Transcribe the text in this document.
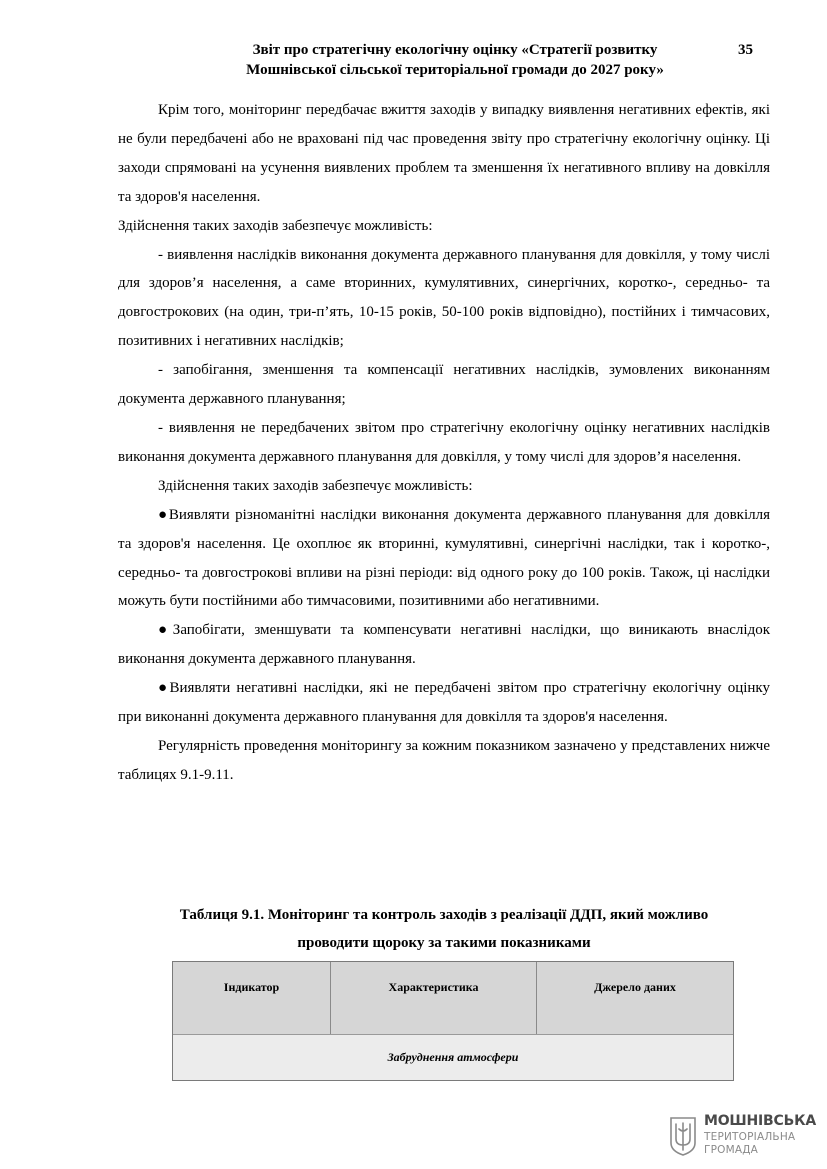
Звіт про стратегічну екологічну оцінку «Стратегії розвитку
Мошнівської сільської територіальної громади до 2027 року»
35

Крім того, моніторинг передбачає вжиття заходів у випадку виявлення негативних ефектів, які не були передбачені або не враховані під час проведення звіту про стратегічну екологічну оцінку. Ці заходи спрямовані на усунення виявлених проблем та зменшення їх негативного впливу на довкілля та здоров'я населення.

Здійснення таких заходів забезпечує можливість:

- виявлення наслідків виконання документа державного планування для довкілля, у тому числі для здоров’я населення, а саме вторинних, кумулятивних, синергічних, коротко-, середньо- та довгострокових (на один, три-п’ять, 10-15 років, 50-100 років відповідно), постійних і тимчасових, позитивних і негативних наслідків;

- запобігання, зменшення та компенсації негативних наслідків, зумовлених виконанням документа державного планування;

- виявлення не передбачених звітом про стратегічну екологічну оцінку негативних наслідків виконання документа державного планування для довкілля, у тому числі для здоров’я населення.

Здійснення таких заходів забезпечує можливість:

●Виявляти різноманітні наслідки виконання документа державного планування для довкілля та здоров'я населення. Це охоплює як вторинні, кумулятивні, синергічні наслідки, так і коротко-, середньо- та довгострокові впливи на різні періоди: від одного року до 100 років. Також, ці наслідки можуть бути постійними або тимчасовими, позитивними або негативними.

●Запобігати, зменшувати та компенсувати негативні наслідки, що виникають внаслідок виконання документа державного планування.

●Виявляти негативні наслідки, які не передбачені звітом про стратегічну екологічну оцінку при виконанні документа державного планування для довкілля та здоров'я населення.

Регулярність проведення моніторингу за кожним показником зазначено у представлених нижче таблицях 9.1-9.11.

Таблиця 9.1. Моніторинг та контроль заходів з реалізації ДДП, який можливо
проводити щороку за такими показниками
Індикатор	Характеристика	Джерело даних
Забруднення атмосфери
МОШНІВСЬКА
ТЕРИТОРІАЛЬНА
ГРОМАДА
